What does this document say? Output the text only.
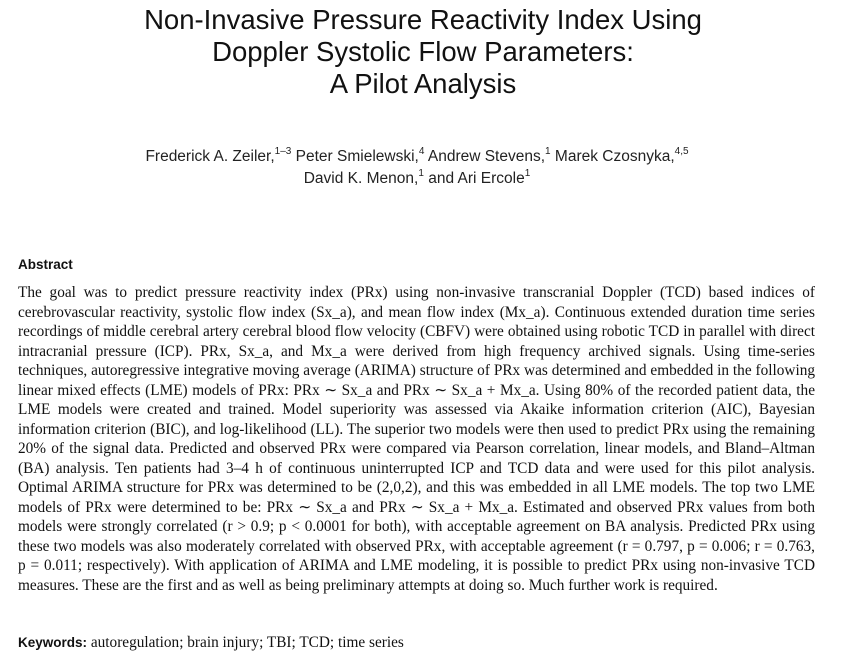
Non-Invasive Pressure Reactivity Index Using
Doppler Systolic Flow Parameters:
A Pilot Analysis
Frederick A. Zeiler,$^{1-3}$ Peter Smielewski,$^4$ Andrew Stevens,$^1$ Marek Czosnyka,$^{4,5}$
David K. Menon,$^1$ and Ari Ercole$^1$
Abstract
The goal was to predict pressure reactivity index (PRx) using non-invasive transcranial Doppler (TCD) based indices of cerebrovascular reactivity, systolic flow index (Sx_a), and mean flow index (Mx_a). Continuous extended duration time series recordings of middle cerebral artery cerebral blood flow velocity (CBFV) were obtained using robotic TCD in parallel with direct intracranial pressure (ICP). PRx, Sx_a, and Mx_a were derived from high frequency archived signals. Using time-series techniques, autoregressive integrative moving average (ARIMA) structure of PRx was determined and embedded in the following linear mixed effects (LME) models of PRx: PRx ∼ Sx_a and PRx ∼ Sx_a + Mx_a. Using 80% of the recorded patient data, the LME models were created and trained. Model superiority was assessed via Akaike information criterion (AIC), Bayesian information criterion (BIC), and log-likelihood (LL). The superior two models were then used to predict PRx using the remaining 20% of the signal data. Predicted and observed PRx were compared via Pearson correlation, linear models, and Bland–Altman (BA) analysis. Ten patients had 3–4 h of continuous uninterrupted ICP and TCD data and were used for this pilot analysis. Optimal ARIMA structure for PRx was determined to be (2,0,2), and this was embedded in all LME models. The top two LME models of PRx were determined to be: PRx ∼ Sx_a and PRx ∼ Sx_a + Mx_a. Estimated and observed PRx values from both models were strongly correlated (r > 0.9; p < 0.0001 for both), with acceptable agreement on BA analysis. Predicted PRx using these two models was also moderately correlated with observed PRx, with acceptable agreement (r = 0.797, p = 0.006; r = 0.763, p = 0.011; respectively). With application of ARIMA and LME modeling, it is possible to predict PRx using non-invasive TCD measures. These are the first and as well as being preliminary attempts at doing so. Much further work is required.
Keywords: autoregulation; brain injury; TBI; TCD; time series
